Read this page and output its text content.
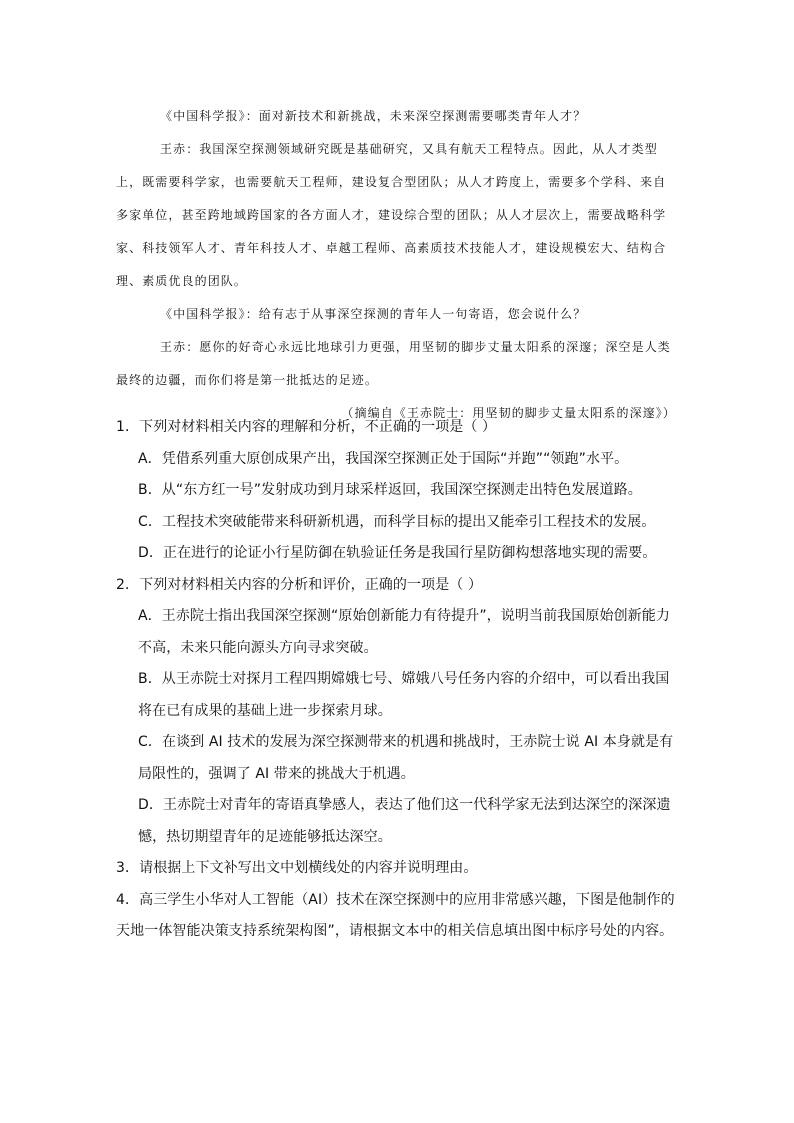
《中国科学报》：面对新技术和新挑战，未来深空探测需要哪类青年人才？

王赤：我国深空探测领域研究既是基础研究，又具有航天工程特点。因此，从人才类型上，既需要科学家，也需要航天工程师，建设复合型团队；从人才跨度上，需要多个学科、来自多家单位，甚至跨地域跨国家的各方面人才，建设综合型的团队；从人才层次上，需要战略科学家、科技领军人才、青年科技人才、卓越工程师、高素质技术技能人才，建设规模宏大、结构合理、素质优良的团队。

《中国科学报》：给有志于从事深空探测的青年人一句寄语，您会说什么？

王赤：愿你的好奇心永远比地球引力更强，用坚韧的脚步丈量太阳系的深邃；深空是人类最终的边疆，而你们将是第一批抵达的足迹。

（摘编自《王赤院士：用坚韧的脚步丈量太阳系的深邃》）

1．下列对材料相关内容的理解和分析，不正确的一项是（ ）

A．凭借系列重大原创成果产出，我国深空探测正处于国际“并跑”“领跑”水平。

B．从“东方红一号”发射成功到月球采样返回，我国深空探测走出特色发展道路。

C．工程技术突破能带来科研新机遇，而科学目标的提出又能牵引工程技术的发展。

D．正在进行的论证小行星防御在轨验证任务是我国行星防御构想落地实现的需要。

2．下列对材料相关内容的分析和评价，正确的一项是（ ）

A．王赤院士指出我国深空探测“原始创新能力有待提升”，说明当前我国原始创新能力不高，未来只能向源头方向寻求突破。

B．从王赤院士对探月工程四期嫦娥七号、嫦娥八号任务内容的介绍中，可以看出我国将在已有成果的基础上进一步探索月球。

C．在谈到 AI 技术的发展为深空探测带来的机遇和挑战时，王赤院士说 AI 本身就是有局限性的，强调了 AI 带来的挑战大于机遇。

D．王赤院士对青年的寄语真挚感人，表达了他们这一代科学家无法到达深空的深深遗憾，热切期望青年的足迹能够抵达深空。

3．请根据上下文补写出文中划横线处的内容并说明理由。

4．高三学生小华对人工智能（AI）技术在深空探测中的应用非常感兴趣，下图是他制作的天地一体智能决策支持系统架构图”，请根据文本中的相关信息填出图中标序号处的内容。
